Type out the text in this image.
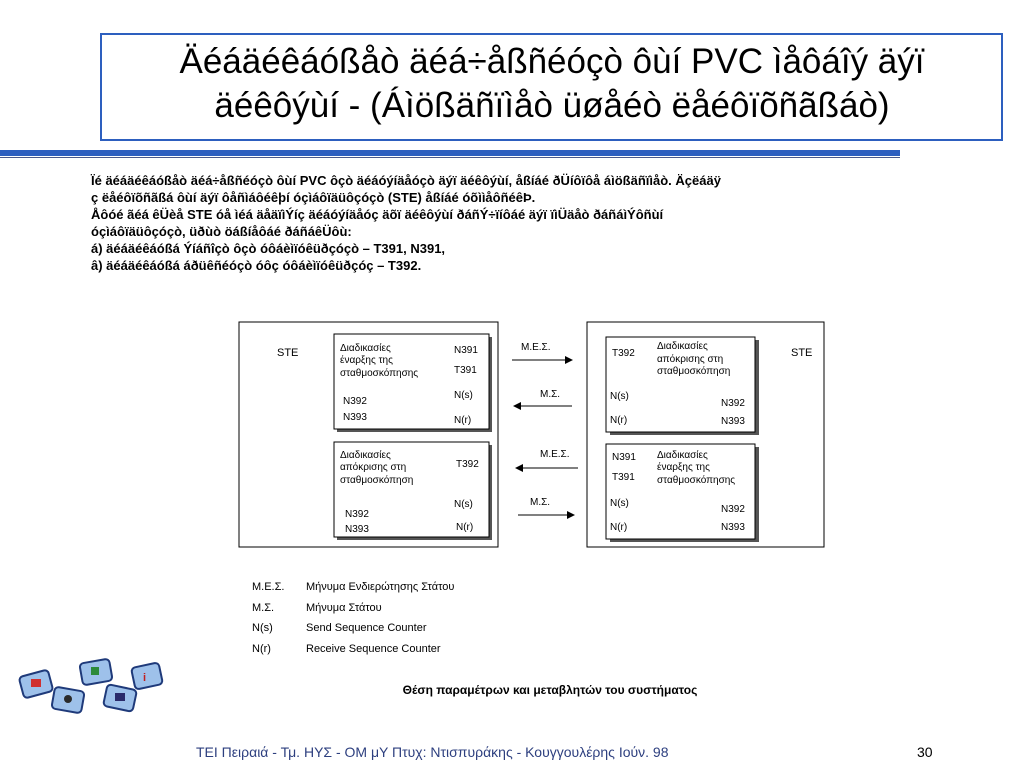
Äéáäéêáóßåò äéá÷åßñéóçò ôùí PVC ìåôáîý äýï
äéêôýùí - (Áìößäñïìåò üøåéò ëåéôïõñãßáò)
Ïé äéáäéêáóßåò äéá÷åßñéóçò ôùí PVC ôçò äéáóýíäåóçò äýï äéêôýùí, åßíáé ðÜíôïôå áìößäñïìåò. Äçëáäÿ
ç ëåéôïõñãßá ôùí äýï ôåñìáôéêþí óçìáôïäüôçóçò (STE) åßíáé óõììåôñéêÞ.
Åôóé ãéá êÜèå STE óå ìéá äåäïìÝíç äéáóýíäåóç äõï äéêôýùí ðáñÝ÷ïíôáé äýï ïìÜäåò ðáñáìÝôñùí
óçìáôïäüôçóçò, üðùò öáßíåôáé ðáñáêÜôù:
á) äéáäéêáóßá Ýíáñîçò ôçò óôáèìïóêüðçóçò – T391, N391,
â) äéáäéêáóßá áðüêñéóçò óôç óôáèìïóêüðçóç – T392.
STE	STE
Διαδικασίες
έναρξης της
σταθμοσκόπησης
N391
T391
N392
N393
N(s)
N(r)
Διαδικασίες
απόκρισης στη
σταθμοσκόπηση
T392
N392
N393
N(s)
N(r)
Διαδικασίες
απόκρισης στη
σταθμοσκόπηση
T392
N392
N393
N(s)
N(r)
Διαδικασίες
έναρξης της
σταθμοσκόπησης
N391
T391
N392
N393
N(s)
N(r)
Μ.Ε.Σ.
Μ.Σ.
Μ.Ε.Σ.
Μ.Σ.
Μ.Ε.Σ.	Μήνυμα Ενδιερώτησης Στάτου
Μ.Σ.	Μήνυμα Στάτου
N(s)	Send Sequence Counter
N(r)	Receive Sequence Counter
Θέση παραμέτρων και μεταβλητών του συστήματος
i
ΤΕΙ Πειραιά - Τμ. ΗΥΣ - ΟΜ μΥ Πτυχ: Ντισπυράκης - Κουγγουλέρης Ιούν. 98	30
